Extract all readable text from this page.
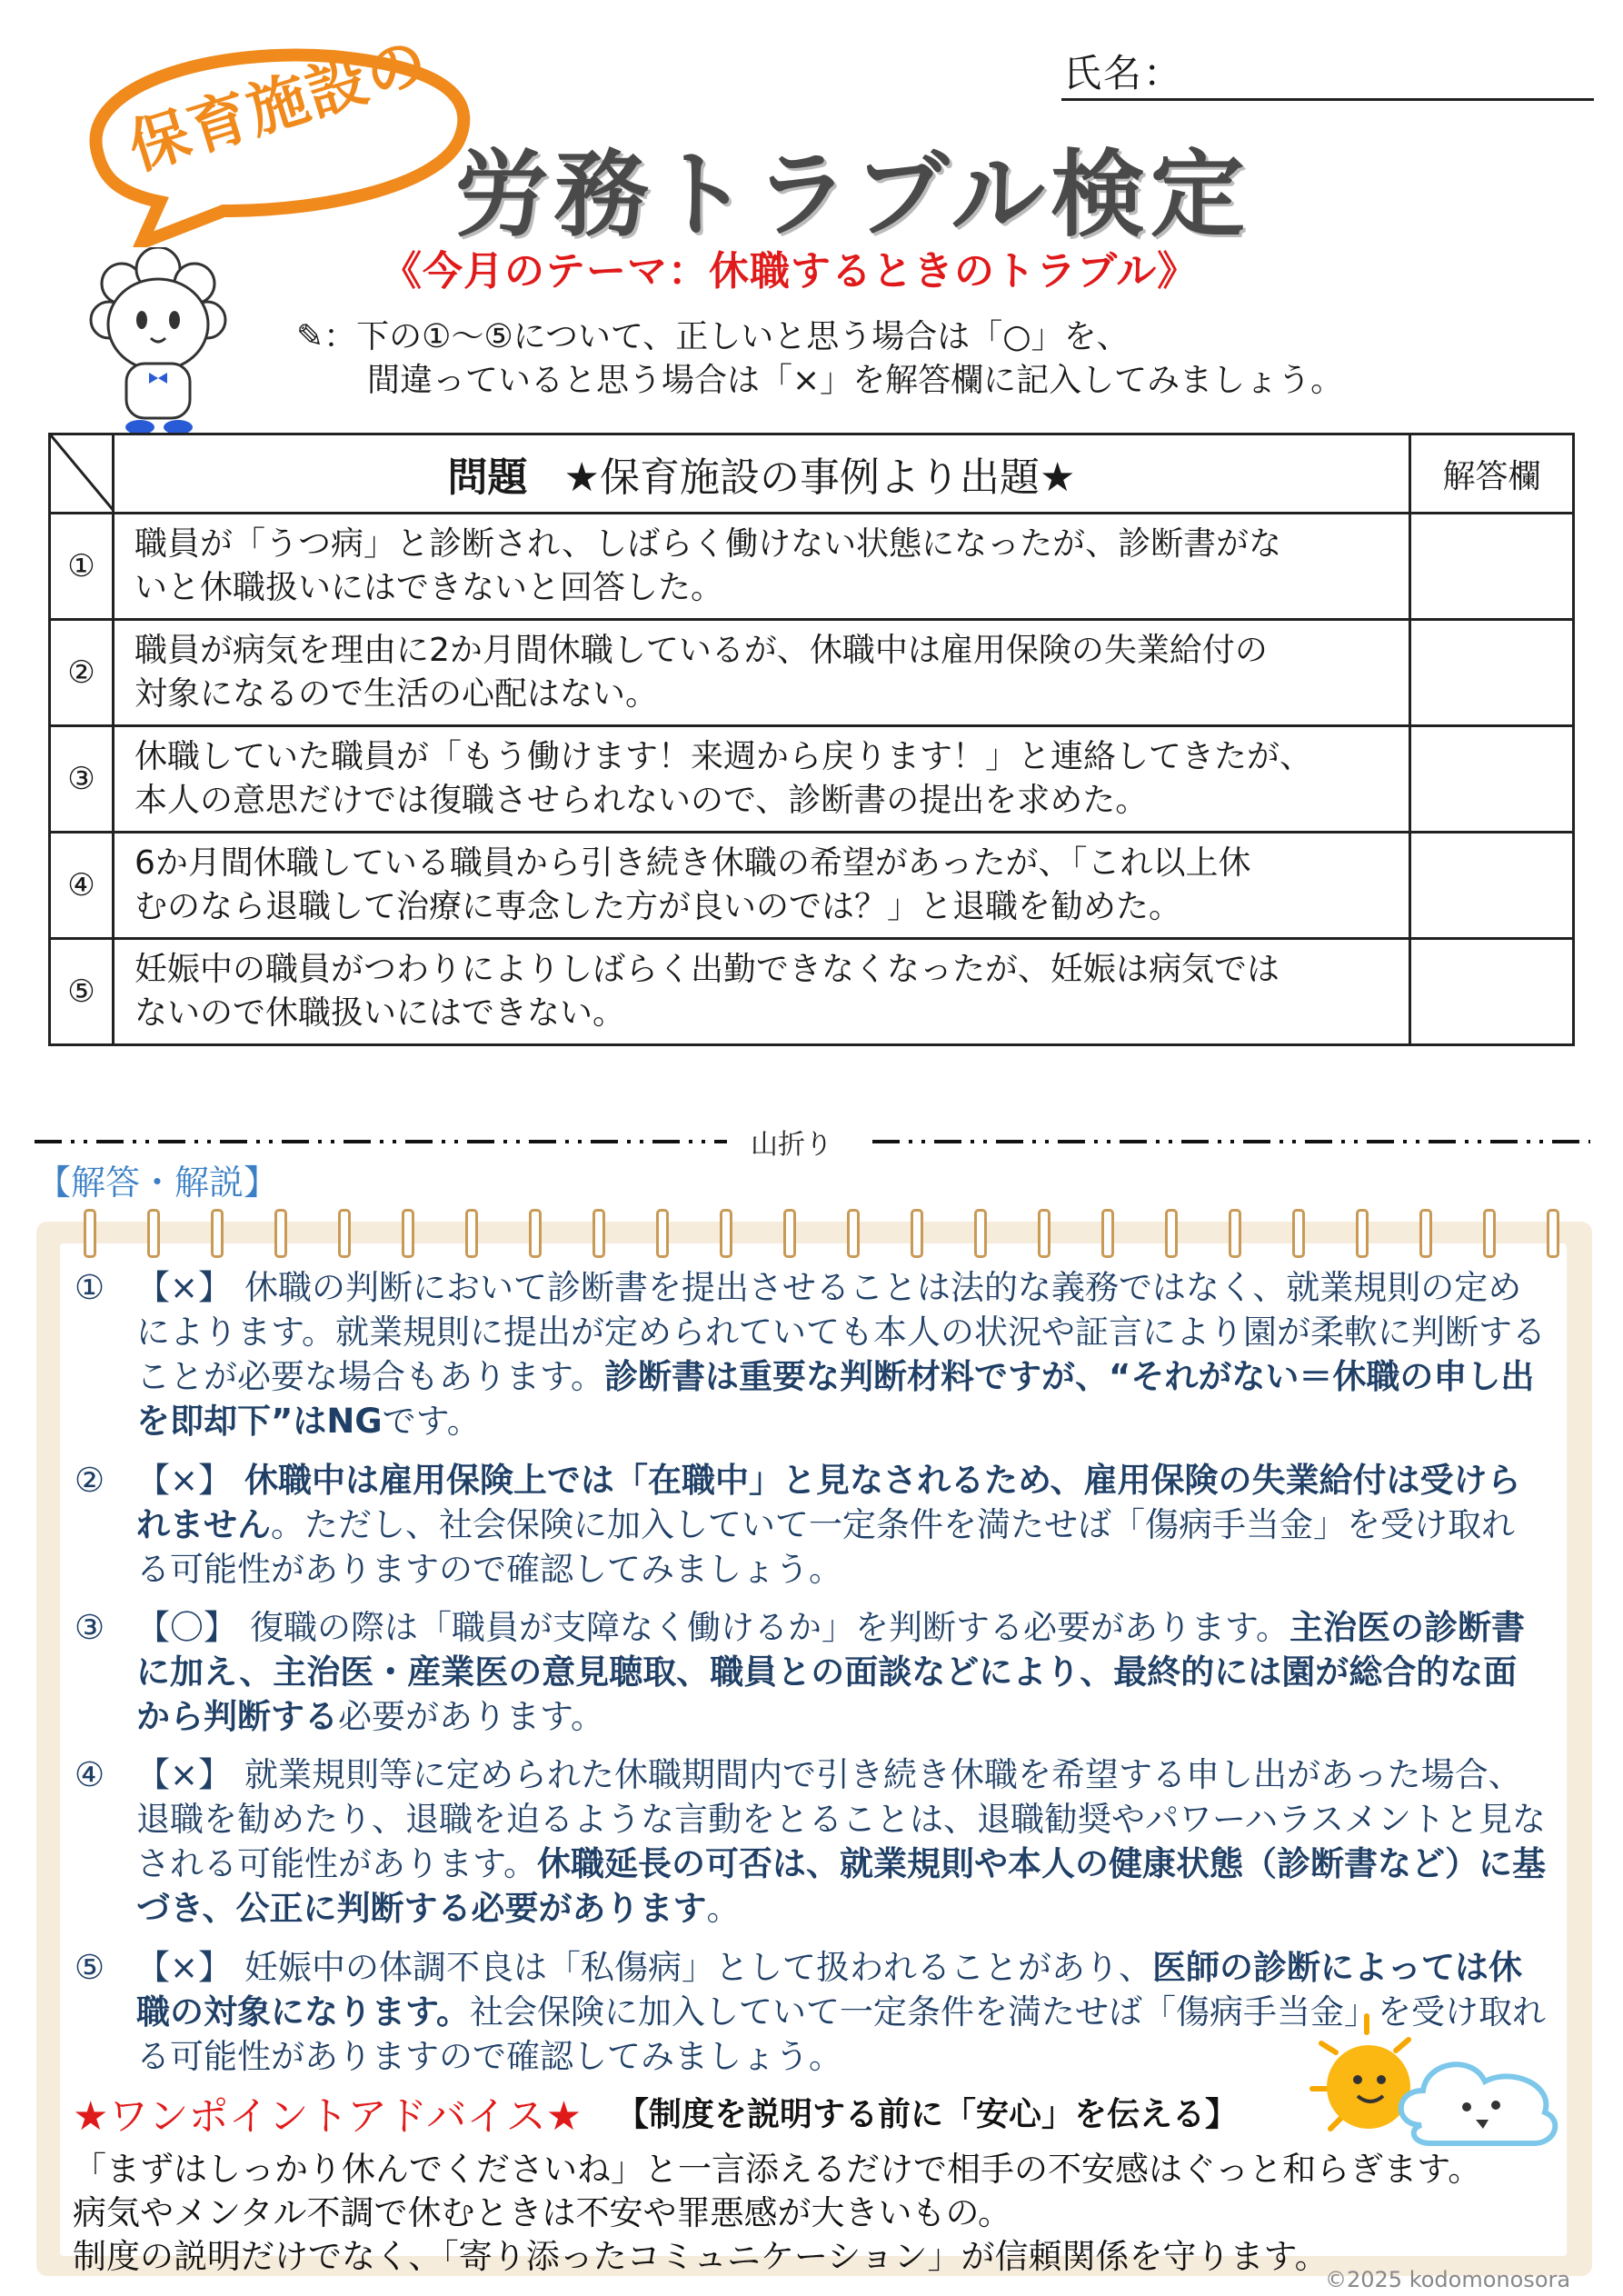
氏名：
保育施設の
労務トラブル検定
《今月のテーマ：休職するときのトラブル》
✎：下の①～⑤について、正しいと思う場合は「○」を、
間違っていると思う場合は「×」を解答欄に記入してみましょう。
	問題 ★保育施設の事例より出題★	解答欄
①	職員が「うつ病」と診断され、しばらく働けない状態になったが、診断書がな
いと休職扱いにはできないと回答した。	
②	職員が病気を理由に2か月間休職しているが、休職中は雇用保険の失業給付の
対象になるので生活の心配はない。	
③	休職していた職員が「もう働けます！来週から戻ります！」と連絡してきたが、
本人の意思だけでは復職させられないので、診断書の提出を求めた。	
④	6か月間休職している職員から引き続き休職の希望があったが、「これ以上休
むのなら退職して治療に専念した方が良いのでは？」と退職を勧めた。	
⑤	妊娠中の職員がつわりによりしばらく出勤できなくなったが、妊娠は病気では
ないので休職扱いにはできない。	
山折り
【解答・解説】
① 【×】 休職の判断において診断書を提出させることは法的な義務ではなく、就業規則の定めによります。就業規則に提出が定められていても本人の状況や証言により園が柔軟に判断することが必要な場合もあります。診断書は重要な判断材料ですが、“それがない＝休職の申し出を即却下”はNGです。
② 【×】 休職中は雇用保険上では「在職中」と見なされるため、雇用保険の失業給付は受けられません。ただし、社会保険に加入していて一定条件を満たせば「傷病手当金」を受け取れる可能性がありますので確認してみましょう。
③ 【〇】 復職の際は「職員が支障なく働けるか」を判断する必要があります。主治医の診断書に加え、主治医・産業医の意見聴取、職員との面談などにより、最終的には園が総合的な面から判断する必要があります。
④ 【×】 就業規則等に定められた休職期間内で引き続き休職を希望する申し出があった場合、退職を勧めたり、退職を迫るような言動をとることは、退職勧奨やパワーハラスメントと見なされる可能性があります。休職延長の可否は、就業規則や本人の健康状態（診断書など）に基づき、公正に判断する必要があります。
⑤ 【×】 妊娠中の体調不良は「私傷病」として扱われることがあり、医師の診断によっては休職の対象になります。社会保険に加入していて一定条件を満たせば「傷病手当金」を受け取れる可能性がありますので確認してみましょう。
★ワンポイントアドバイス★ 【制度を説明する前に「安心」を伝える】
「まずはしっかり休んでくださいね」と一言添えるだけで相手の不安感はぐっと和らぎます。
病気やメンタル不調で休むときは不安や罪悪感が大きいもの。
制度の説明だけでなく、「寄り添ったコミュニケーション」が信頼関係を守ります。
©2025 kodomonosora
